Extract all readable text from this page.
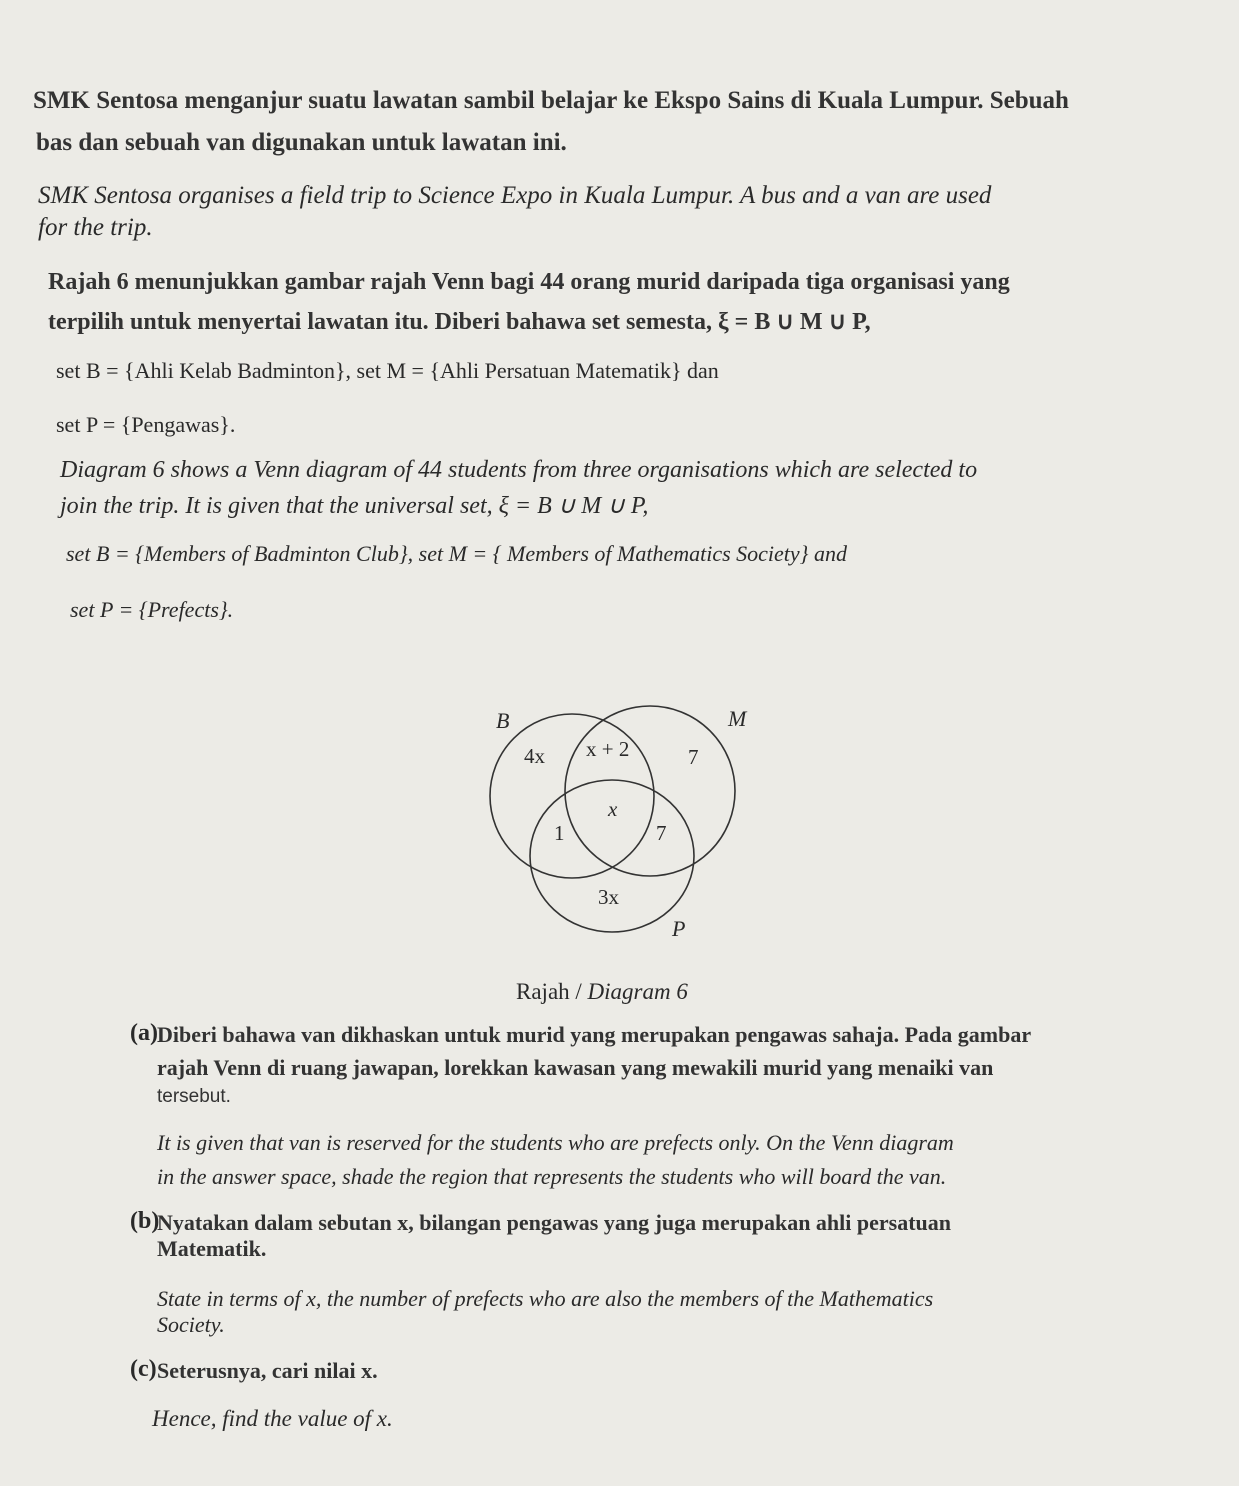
SMK Sentosa menganjur suatu lawatan sambil belajar ke Ekspo Sains di Kuala Lumpur. Sebuah
bas dan sebuah van digunakan untuk lawatan ini.
SMK Sentosa organises a field trip to Science Expo in Kuala Lumpur. A bus and a van are used
for the trip.
Rajah 6 menunjukkan gambar rajah Venn bagi 44 orang murid daripada tiga organisasi yang
terpilih untuk menyertai lawatan itu. Diberi bahawa set semesta, ξ = B ∪ M ∪ P,
set B = {Ahli Kelab Badminton}, set M = {Ahli Persatuan Matematik} dan
set P = {Pengawas}.
Diagram 6 shows a Venn diagram of 44 students from three organisations which are selected to
join the trip. It is given that the universal set, ξ = B ∪ M ∪ P,
set B = {Members of Badminton Club}, set M = { Members of Mathematics Society} and
set P = {Prefects}.
B	M
P
4x x + 2	7
x
1	7
3x
Rajah / Diagram 6
(a) Diberi bahawa van dikhaskan untuk murid yang merupakan pengawas sahaja. Pada gambar
rajah Venn di ruang jawapan, lorekkan kawasan yang mewakili murid yang menaiki van
tersebut.
It is given that van is reserved for the students who are prefects only. On the Venn diagram
in the answer space, shade the region that represents the students who will board the van.
(b)
Nyatakan dalam sebutan x, bilangan pengawas yang juga merupakan ahli persatuan
Matematik.
State in terms of x, the number of prefects who are also the members of the Mathematics
Society.
(c) Seterusnya, cari nilai x.
Hence, find the value of x.
